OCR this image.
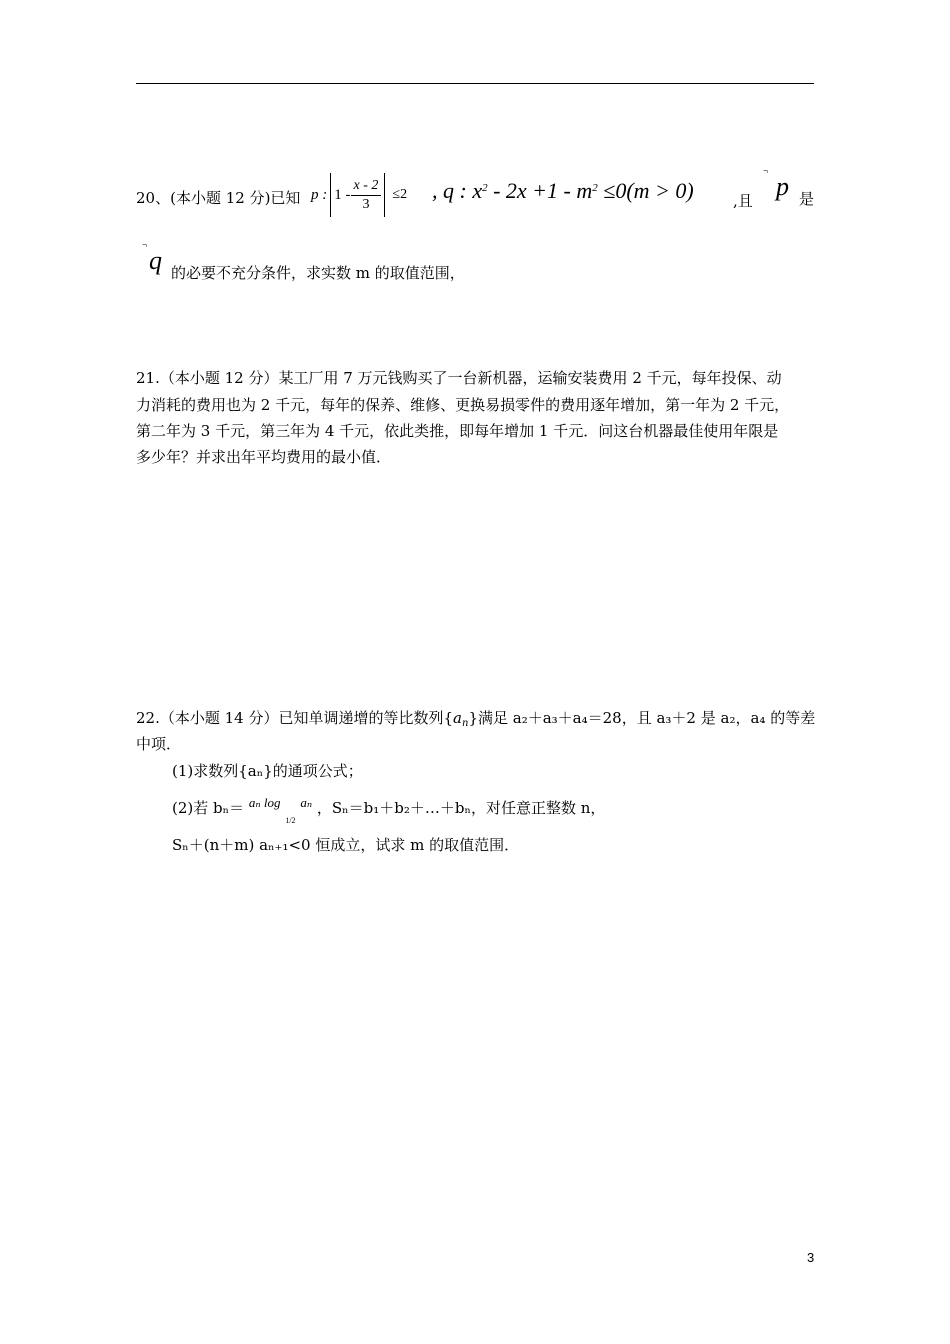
20、(本小题 12 分)已知 p : $1 - \frac{x - 2}{3} \le 2$ , q : $x^2 - 2x +1 - m^2 \le 0(m > 0)$	,且
¬
p 是
¬
q 的必要不充分条件，求实数 m 的取值范围，
21.（本小题 12 分）某工厂用 7 万元钱购买了一台新机器，运输安装费用 2 千元，每年投保、动
力消耗的费用也为 2 千元，每年的保养、维修、更换易损零件的费用逐年增加，第一年为 2 千元，
第二年为 3 千元，第三年为 4 千元，依此类推，即每年增加 1 千元．问这台机器最佳使用年限是
多少年？并求出年平均费用的最小值．
22.（本小题 14 分）已知单调递增的等比数列$\{a_n\}$满足 a₂＋a₃＋a₄＝28，且 a₃＋2 是 a₂，a₄ 的等差
中项．
(1)求数列{aₙ}的通项公式；
(2)若 bₙ＝ aₙ log $_{1/2}$ aₙ ，Sₙ＝b₁＋b₂＋…＋bₙ，对任意正整数 n，
Sₙ＋(n＋m) aₙ₊₁<0 恒成立，试求 m 的取值范围．
3
